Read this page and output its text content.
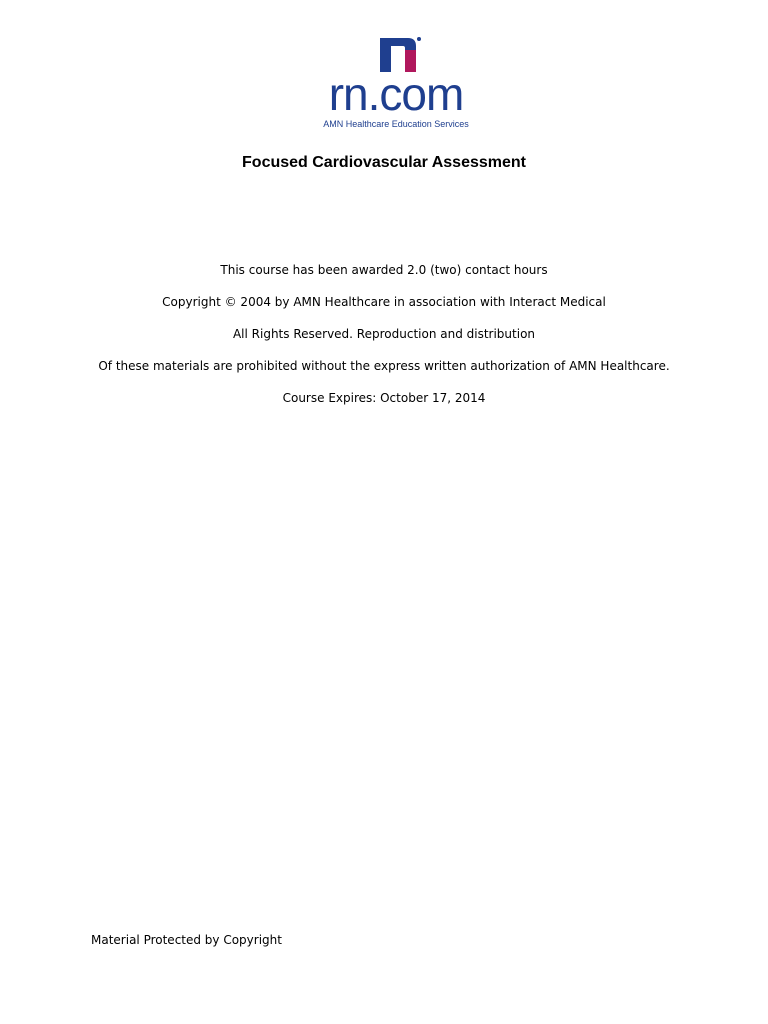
rn.com
AMN Healthcare Education Services
Focused Cardiovascular Assessment
This course has been awarded 2.0 (two) contact hours
Copyright © 2004 by AMN Healthcare in association with Interact Medical
All Rights Reserved. Reproduction and distribution
Of these materials are prohibited without the express written authorization of AMN Healthcare.
Course Expires: October 17, 2014
Material Protected by Copyright
